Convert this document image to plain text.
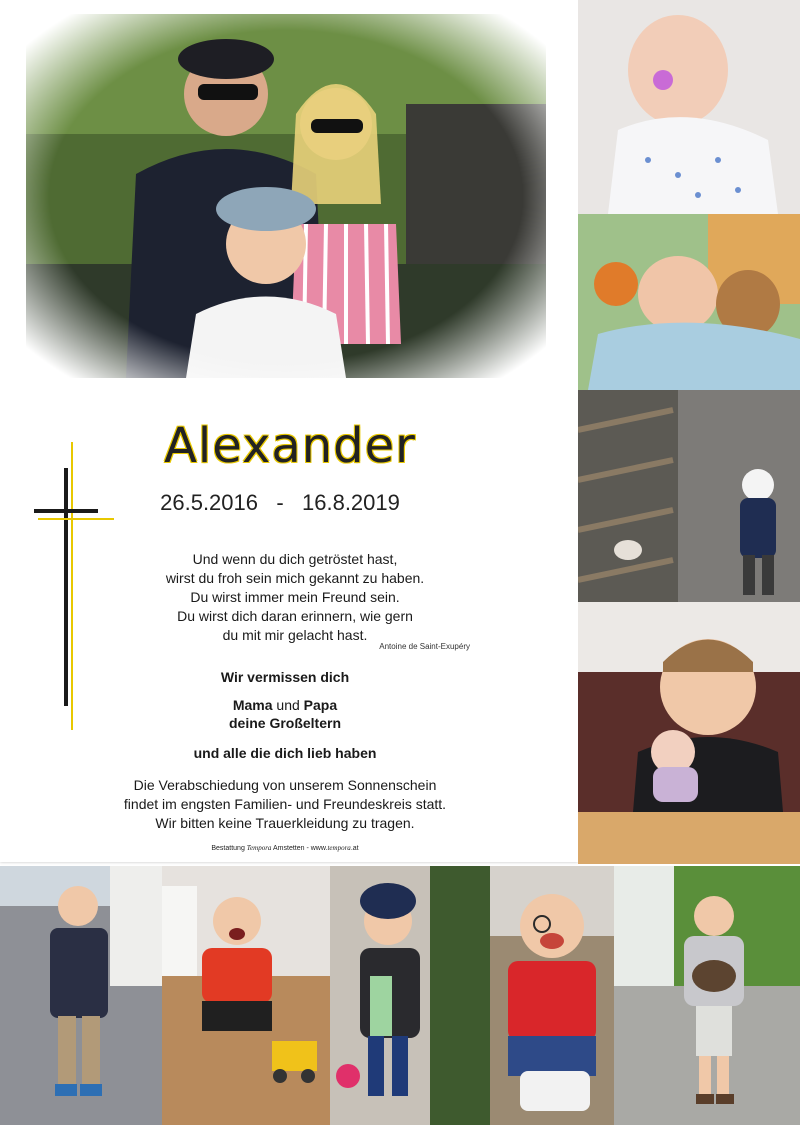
Alexander
26.5.2016   -   16.8.2019
Und wenn du dich getröstet hast,
wirst du froh sein mich gekannt zu haben.
Du wirst immer mein Freund sein.
Du wirst dich daran erinnern, wie gern
du mit mir gelacht hast.
Antoine de Saint-Exupéry
Wir vermissen dich
Mama und Papa
deine Großeltern
und alle die dich lieb haben
Die Verabschiedung von unserem Sonnenschein
findet im engsten Familien- und Freundeskreis statt.
Wir bitten keine Trauerkleidung zu tragen.
Bestattung Tempora Amstetten - www.tempora.at
